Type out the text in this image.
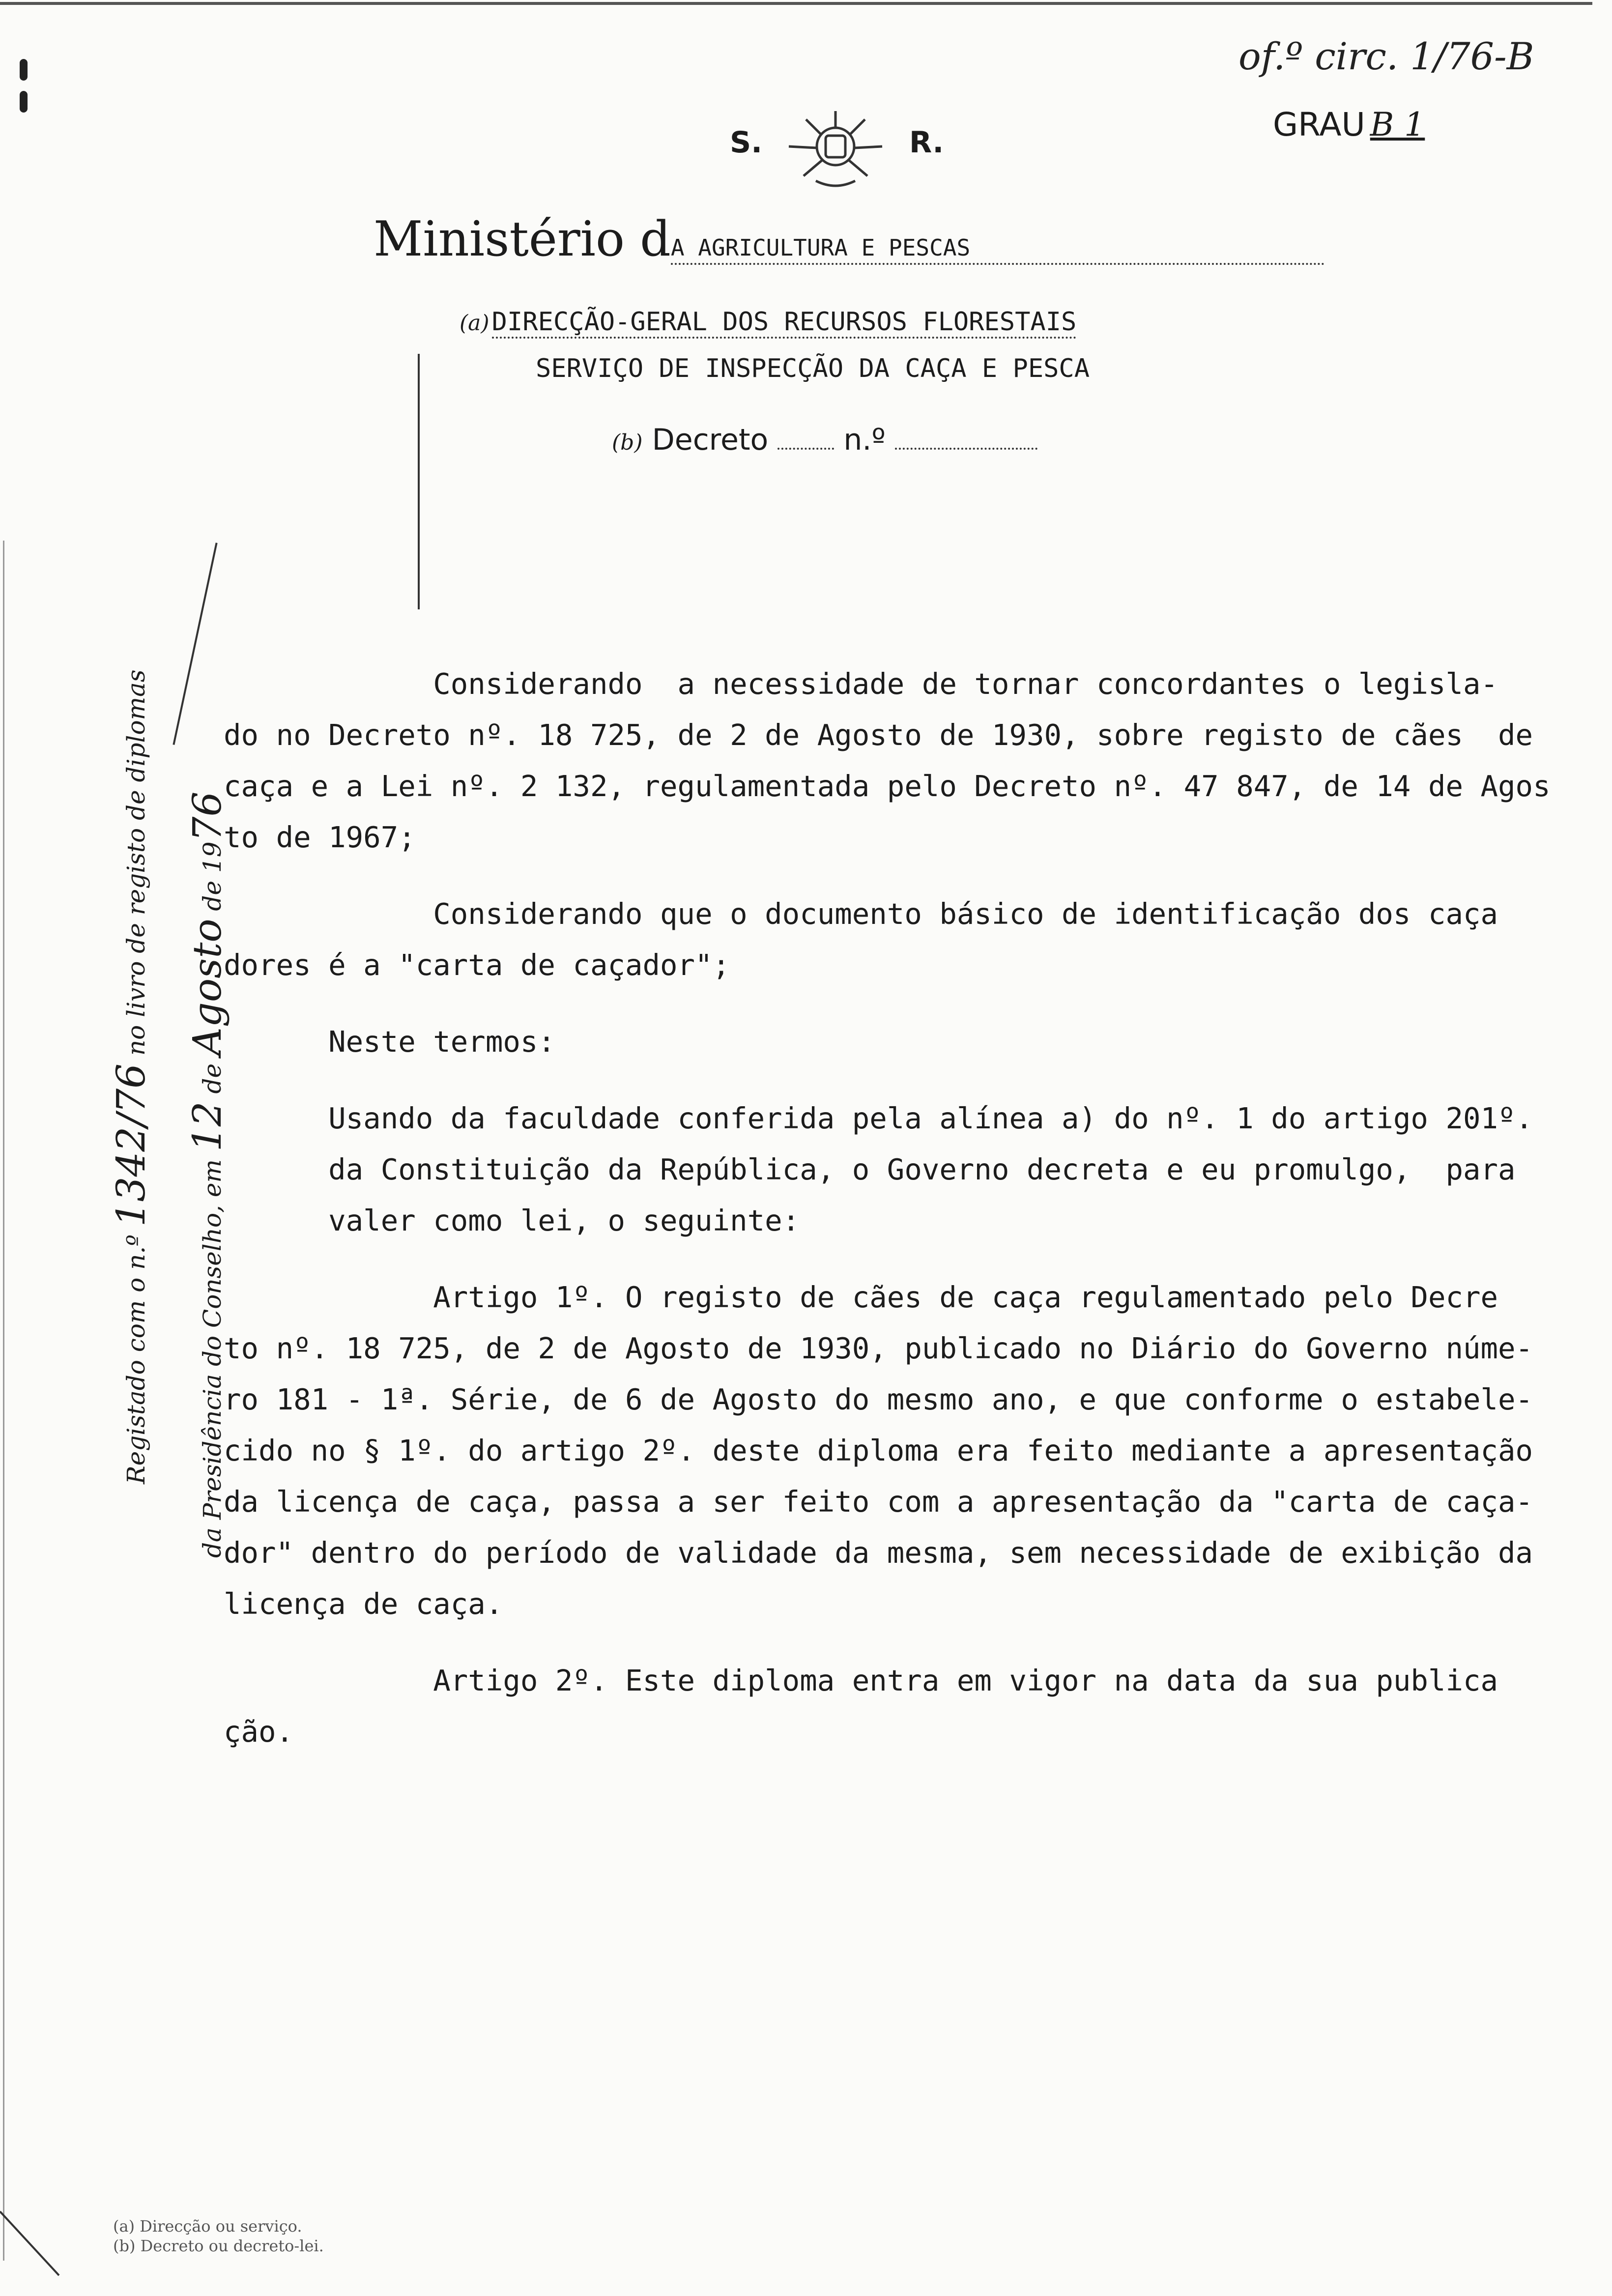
of.º circ. 1/76-B
GRAU B 1
S.	R.
Ministério dA AGRICULTURA E PESCAS
(a) DIRECÇÃO-GERAL DOS RECURSOS FLORESTAIS
SERVIÇO DE INSPECÇÃO DA CAÇA E PESCA
(b) Decreto	n.º
Registado com o n.º 1342/76 no livro de registo de diplomas
da Presidência do Conselho, em 12 de Agosto de 1976

Considerando  a necessidade de tornar concordantes o legisla-

do no Decreto nº. 18 725, de 2 de Agosto de 1930, sobre registo de cães  de

caça e a Lei nº. 2 132, regulamentada pelo Decreto nº. 47 847, de 14 de Agos

to de 1967;

Considerando que o documento básico de identificação dos caça

dores é a "carta de caçador";

Neste termos:

Usando da faculdade conferida pela alínea a) do nº. 1 do artigo 201º.

da Constituição da República, o Governo decreta e eu promulgo,  para

valer como lei, o seguinte:

Artigo 1º. O registo de cães de caça regulamentado pelo Decre

to nº. 18 725, de 2 de Agosto de 1930, publicado no Diário do Governo núme-

ro 181 - 1ª. Série, de 6 de Agosto do mesmo ano, e que conforme o estabele-

cido no § 1º. do artigo 2º. deste diploma era feito mediante a apresentação

da licença de caça, passa a ser feito com a apresentação da "carta de caça-

dor" dentro do período de validade da mesma, sem necessidade de exibição da

licença de caça.

Artigo 2º. Este diploma entra em vigor na data da sua publica

ção.

(a) Direcção ou serviço.

(b) Decreto ou decreto-lei.
